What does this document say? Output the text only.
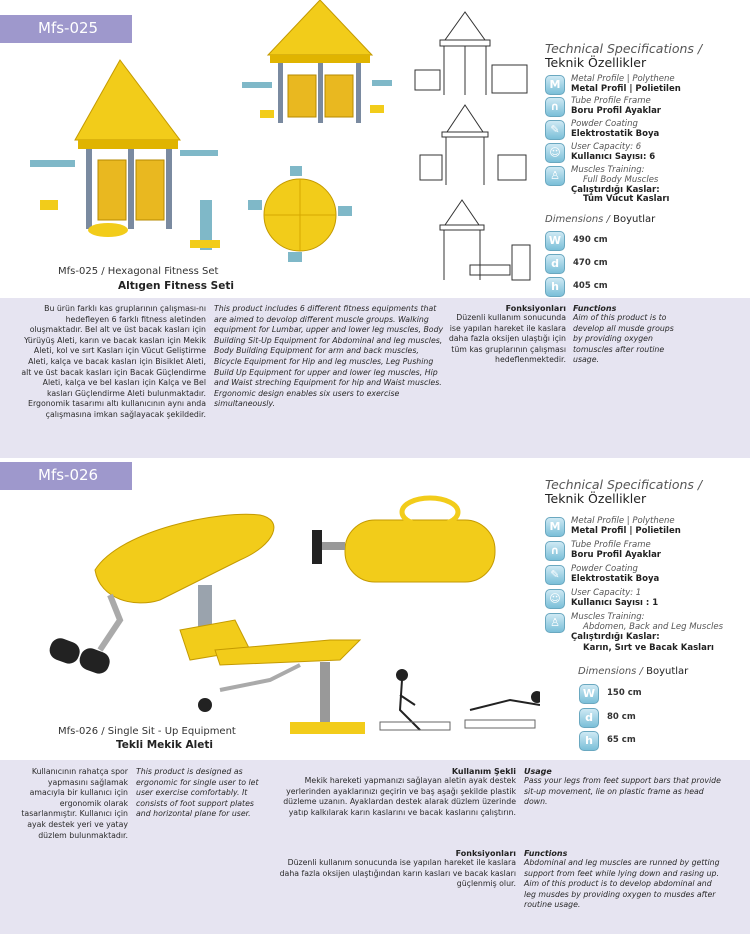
Mfs-025
Mfs-025 / Hexagonal Fitness Set
Altıgen Fitness Seti
Technical Specifications /
Teknik Özellikler
M	Metal Profile | Polythene
Metal Profil | Polietilen
∩	Tube Profile Frame
Boru Profil Ayaklar
✎	Powder Coating
Elektrostatik Boya
☺	User Capacity: 6
Kullanıcı Sayısı: 6
♙	Muscles Training:
Full Body Muscles
Çalıştırdığı Kaslar:
Tüm Vücut Kasları
Dimensions / Boyutlar
W	490 cm
d	470 cm
h	405 cm
Bu ürün farklı kas gruplarının çalışması-nı hedefleyen 6 farklı fitness aletinden oluşmaktadır. Bel alt ve üst bacak kasları için Yürüyüş Aleti, karın ve bacak kasları için Mekik Aleti, kol ve sırt Kasları için Vücut Geliştirme Aleti, kalça ve bacak kasları için Bisiklet Aleti, alt ve üst bacak kasları için Bacak Güçlendirme Aleti, kalça ve bel kasları için Kalça ve Bel kasları Güçlendirme Aleti bulunmaktadır. Ergonomik tasarımı altı kullanıcının aynı anda çalışmasına imkan sağlayacak şekildedir.
This product includes 6 different fitness equipments that are aimed to devolop different muscle groups. Walking equipment for Lumbar, upper and lower leg muscles, Body Building Sit-Up Equipment for Abdominal and leg muscles, Body Building Equipment for arm and back muscles, Bicycle Equipment for Hip and leg muscles, Leg Pushing Build Up Equipment for upper and lower leg muscles, Hip and Waist streching Equipment for hip and Waist muscles. Ergonomic design enables six users to exercise simultaneously.
Fonksiyonları
Düzenli kullanım sonucunda ise yapılan hareket ile kaslara daha fazla oksijen ulaştığı için tüm kas gruplarının çalışması hedeflenmektedir.
Functions
Aim of this product is to develop all musde groups by providing oxygen tomuscles after routine usage.
Mfs-026
Mfs-026 / Single Sit - Up Equipment
Tekli Mekik Aleti
Technical Specifications /
Teknik Özellikler
M	Metal Profile | Polythene
Metal Profil | Polietilen
∩	Tube Profile Frame
Boru Profil Ayaklar
✎	Powder Coating
Elektrostatik Boya
☺	User Capacity: 1
Kullanıcı Sayısı : 1
♙	Muscles Training:
Abdomen, Back and Leg Muscles
Çalıştırdığı Kaslar:
Karın, Sırt ve Bacak Kasları
Dimensions / Boyutlar
W	150 cm
d	80 cm
h	65 cm
Kullanıcının rahatça spor yapmasını sağlamak amacıyla bir kullanıcı için ergonomik olarak tasarlanmıştır. Kullanıcı için ayak destek yeri ve yatay düzlem bulunmaktadır.
This product is designed as ergonomic for single user to let user exercise comfortably. It consists of foot support plates and horizontal plane for user.
Kullanım Şekli
Mekik hareketi yapmanızı sağlayan aletin ayak destek yerlerinden ayaklarınızı geçirin ve baş aşağı şekilde plastik düzleme uzanın. Ayaklardan destek alarak düzlem üzerinde yatıp kalkılarak karın kaslarını ve bacak kaslarını çalıştırın.
Usage
Pass your legs from feet support bars that provide sit-up movement, lie on plastic frame as head down.
Fonksiyonları
Düzenli kullanım sonucunda ise yapılan hareket ile kaslara daha fazla oksijen ulaştığından karın kasları ve bacak kasları güçlenmiş olur.
Functions
Abdominal and leg muscles are runned by getting support from feet while lying down and rasing up. Aim of this product is to develop abdominal and leg musdes by providing oxygen to musdes after routine usage.
